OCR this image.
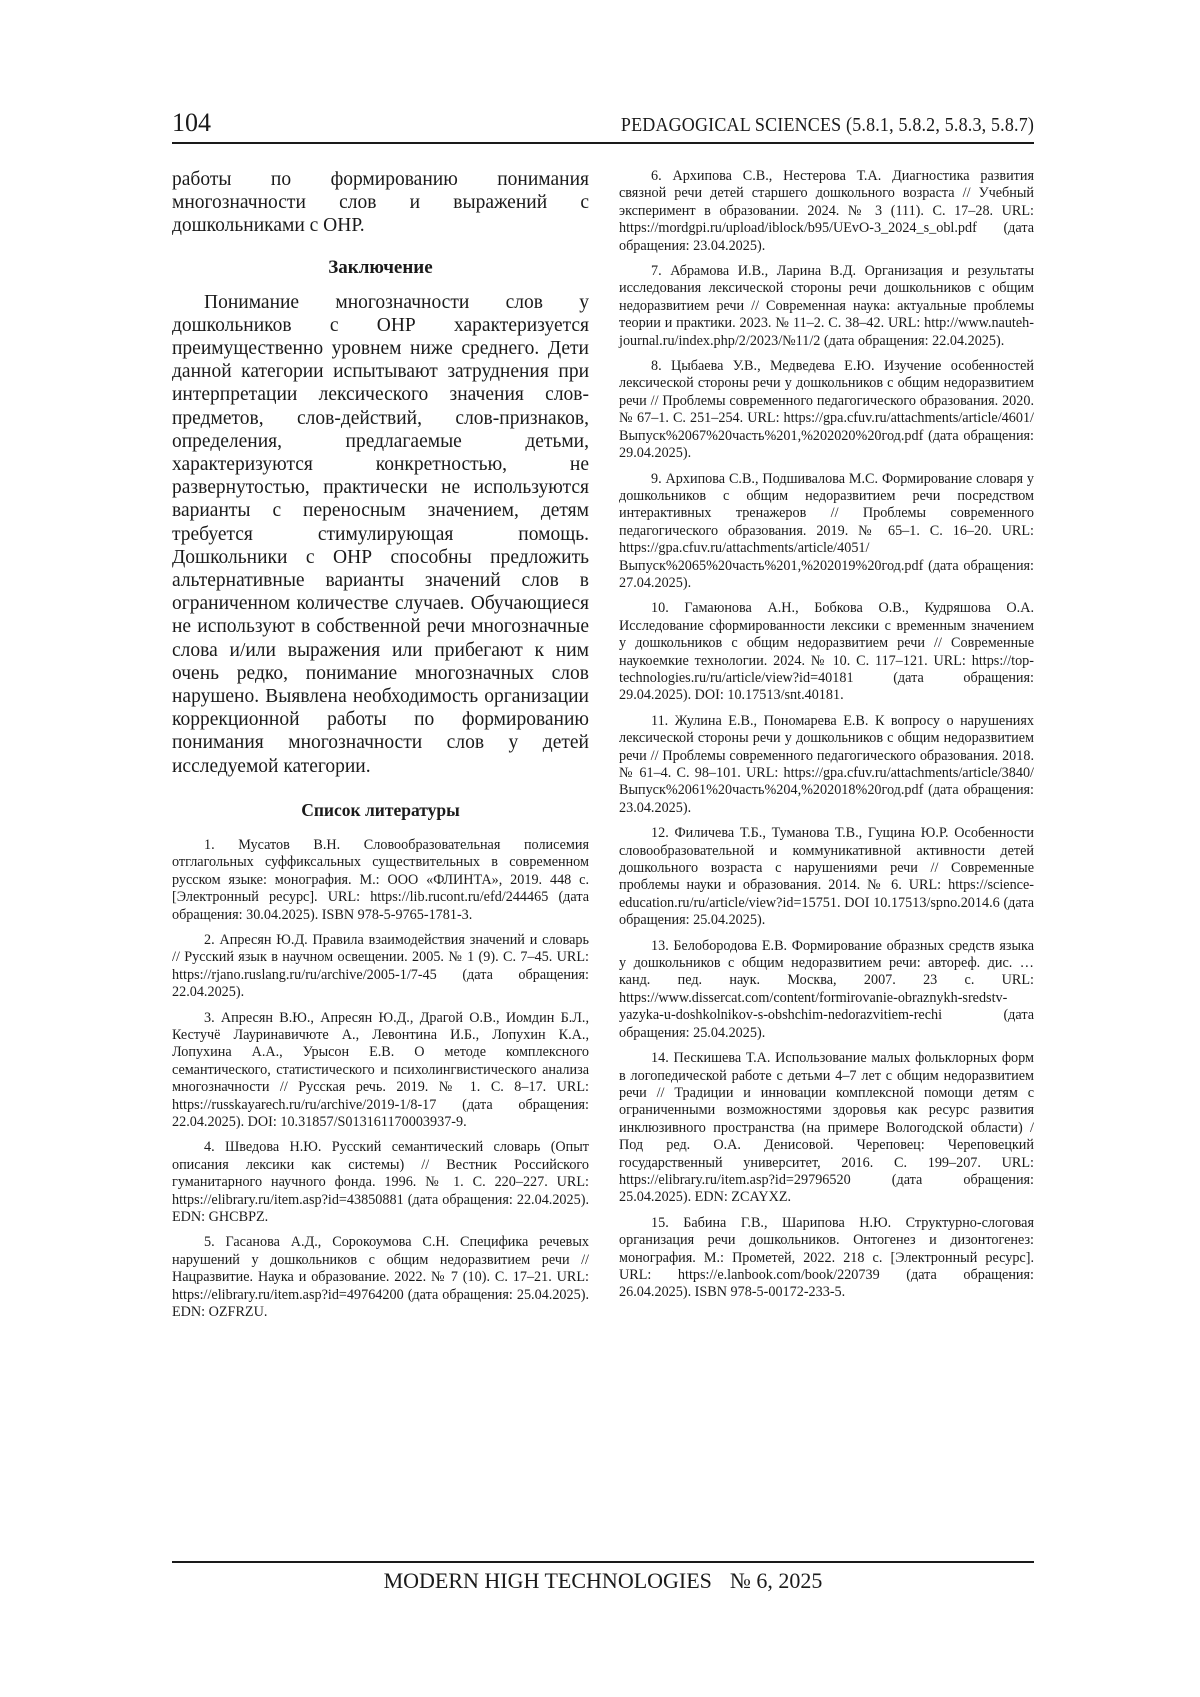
104	PEDAGOGICAL SCIENCES (5.8.1, 5.8.2, 5.8.3, 5.8.7)

работы по формированию понимания многозначности слов и выражений с дошкольниками с ОНР.

Заключение

Понимание многозначности слов у дошкольников с ОНР характеризуется преимущественно уровнем ниже среднего. Дети данной категории испытывают затруднения при интерпретации лексического значения слов-предметов, слов-действий, слов-признаков, определения, предлагаемые детьми, характеризуются конкретностью, не развернутостью, практически не используются варианты с переносным значением, детям требуется стимулирующая помощь. Дошкольники с ОНР способны предложить альтернативные варианты значений слов в ограниченном количестве случаев. Обучающиеся не используют в собственной речи многозначные слова и/или выражения или прибегают к ним очень редко, понимание многозначных слов нарушено. Выявлена необходимость организации коррекционной работы по формированию понимания многозначности слов у детей исследуемой категории.

Список литературы

1. Мусатов В.Н. Словообразовательная полисемия отглагольных суффиксальных существительных в современном русском языке: монография. М.: ООО «ФЛИНТА», 2019. 448 с. [Электронный ресурс]. URL: https://lib.rucont.ru/efd/244465 (дата обращения: 30.04.2025). ISBN 978-5-9765-1781-3.

2. Апресян Ю.Д. Правила взаимодействия значений и словарь // Русский язык в научном освещении. 2005. № 1 (9). С. 7–45. URL: https://rjano.ruslang.ru/ru/archive/2005-1/7-45 (дата обращения: 22.04.2025).

3. Апресян В.Ю., Апресян Ю.Д., Драгой О.В., Иомдин Б.Л., Кестучё Лауринавичюте А., Левонтина И.Б., Лопухин К.А., Лопухина А.А., Урысон Е.В. О методе комплексного семантического, статистического и психолингвистического анализа многозначности // Русская речь. 2019. № 1. С. 8–17. URL: https://russkayarech.ru/ru/archive/2019-1/8-17 (дата обращения: 22.04.2025). DOI: 10.31857/S013161170003937-9.

4. Шведова Н.Ю. Русский семантический словарь (Опыт описания лексики как системы) // Вестник Российского гуманитарного научного фонда. 1996. № 1. С. 220–227. URL: https://elibrary.ru/item.asp?id=43850881 (дата обращения: 22.04.2025). EDN: GHCBPZ.

5. Гасанова А.Д., Сорокоумова С.Н. Специфика речевых нарушений у дошкольников с общим недоразвитием речи // Нацразвитие. Наука и образование. 2022. № 7 (10). С. 17–21. URL: https://elibrary.ru/item.asp?id=49764200 (дата обращения: 25.04.2025). EDN: OZFRZU.

6. Архипова С.В., Нестерова Т.А. Диагностика развития связной речи детей старшего дошкольного возраста // Учебный эксперимент в образовании. 2024. № 3 (111). С. 17–28. URL: https://mordgpi.ru/upload/iblock/b95/UEvO-3_2024_s_obl.pdf (дата обращения: 23.04.2025).

7. Абрамова И.В., Ларина В.Д. Организация и результаты исследования лексической стороны речи дошкольников с общим недоразвитием речи // Современная наука: актуальные проблемы теории и практики. 2023. № 11–2. С. 38–42. URL: http://www.nauteh-journal.ru/index.php/2/2023/№11/2 (дата обращения: 22.04.2025).

8. Цыбаева У.В., Медведева Е.Ю. Изучение особенностей лексической стороны речи у дошкольников с общим недоразвитием речи // Проблемы современного педагогического образования. 2020. № 67–1. С. 251–254. URL: https://gpa.cfuv.ru/attachments/article/4601/Выпуск%2067%20часть%201,%202020%20год.pdf (дата обращения: 29.04.2025).

9. Архипова С.В., Подшивалова М.С. Формирование словаря у дошкольников с общим недоразвитием речи посредством интерактивных тренажеров // Проблемы современного педагогического образования. 2019. № 65–1. С. 16–20. URL: https://gpa.cfuv.ru/attachments/article/4051/Выпуск%2065%20часть%201,%202019%20год.pdf (дата обращения: 27.04.2025).

10. Гамаюнова А.Н., Бобкова О.В., Кудряшова О.А. Исследование сформированности лексики с временным значением у дошкольников с общим недоразвитием речи // Современные наукоемкие технологии. 2024. № 10. С. 117–121. URL: https://top-technologies.ru/ru/article/view?id=40181 (дата обращения: 29.04.2025). DOI: 10.17513/snt.40181.

11. Жулина Е.В., Пономарева Е.В. К вопросу о нарушениях лексической стороны речи у дошкольников с общим недоразвитием речи // Проблемы современного педагогического образования. 2018. № 61–4. С. 98–101. URL: https://gpa.cfuv.ru/attachments/article/3840/Выпуск%2061%20часть%204,%202018%20год.pdf (дата обращения: 23.04.2025).

12. Филичева Т.Б., Туманова Т.В., Гущина Ю.Р. Особенности словообразовательной и коммуникативной активности детей дошкольного возраста с нарушениями речи // Современные проблемы науки и образования. 2014. № 6. URL: https://science-education.ru/ru/article/view?id=15751. DOI 10.17513/spno.2014.6 (дата обращения: 25.04.2025).

13. Белобородова Е.В. Формирование образных средств языка у дошкольников с общим недоразвитием речи: автореф. дис. … канд. пед. наук. Москва, 2007. 23 с. URL: https://www.dissercat.com/content/formirovanie-obraznykh-sredstv-yazyka-u-doshkolnikov-s-obshchim-nedorazvitiem-rechi (дата обращения: 25.04.2025).

14. Пескишева Т.А. Использование малых фольклорных форм в логопедической работе с детьми 4–7 лет с общим недоразвитием речи // Традиции и инновации комплексной помощи детям с ограниченными возможностями здоровья как ресурс развития инклюзивного пространства (на примере Вологодской области) / Под ред. О.А. Денисовой. Череповец: Череповецкий государственный университет, 2016. С. 199–207. URL: https://elibrary.ru/item.asp?id=29796520 (дата обращения: 25.04.2025). EDN: ZCAYXZ.

15. Бабина Г.В., Шарипова Н.Ю. Структурно-слоговая организация речи дошкольников. Онтогенез и дизонтогенез: монография. М.: Прометей, 2022. 218 с. [Электронный ресурс]. URL: https://e.lanbook.com/book/220739 (дата обращения: 26.04.2025). ISBN 978-5-00172-233-5.

MODERN HIGH TECHNOLOGIES № 6, 2025
